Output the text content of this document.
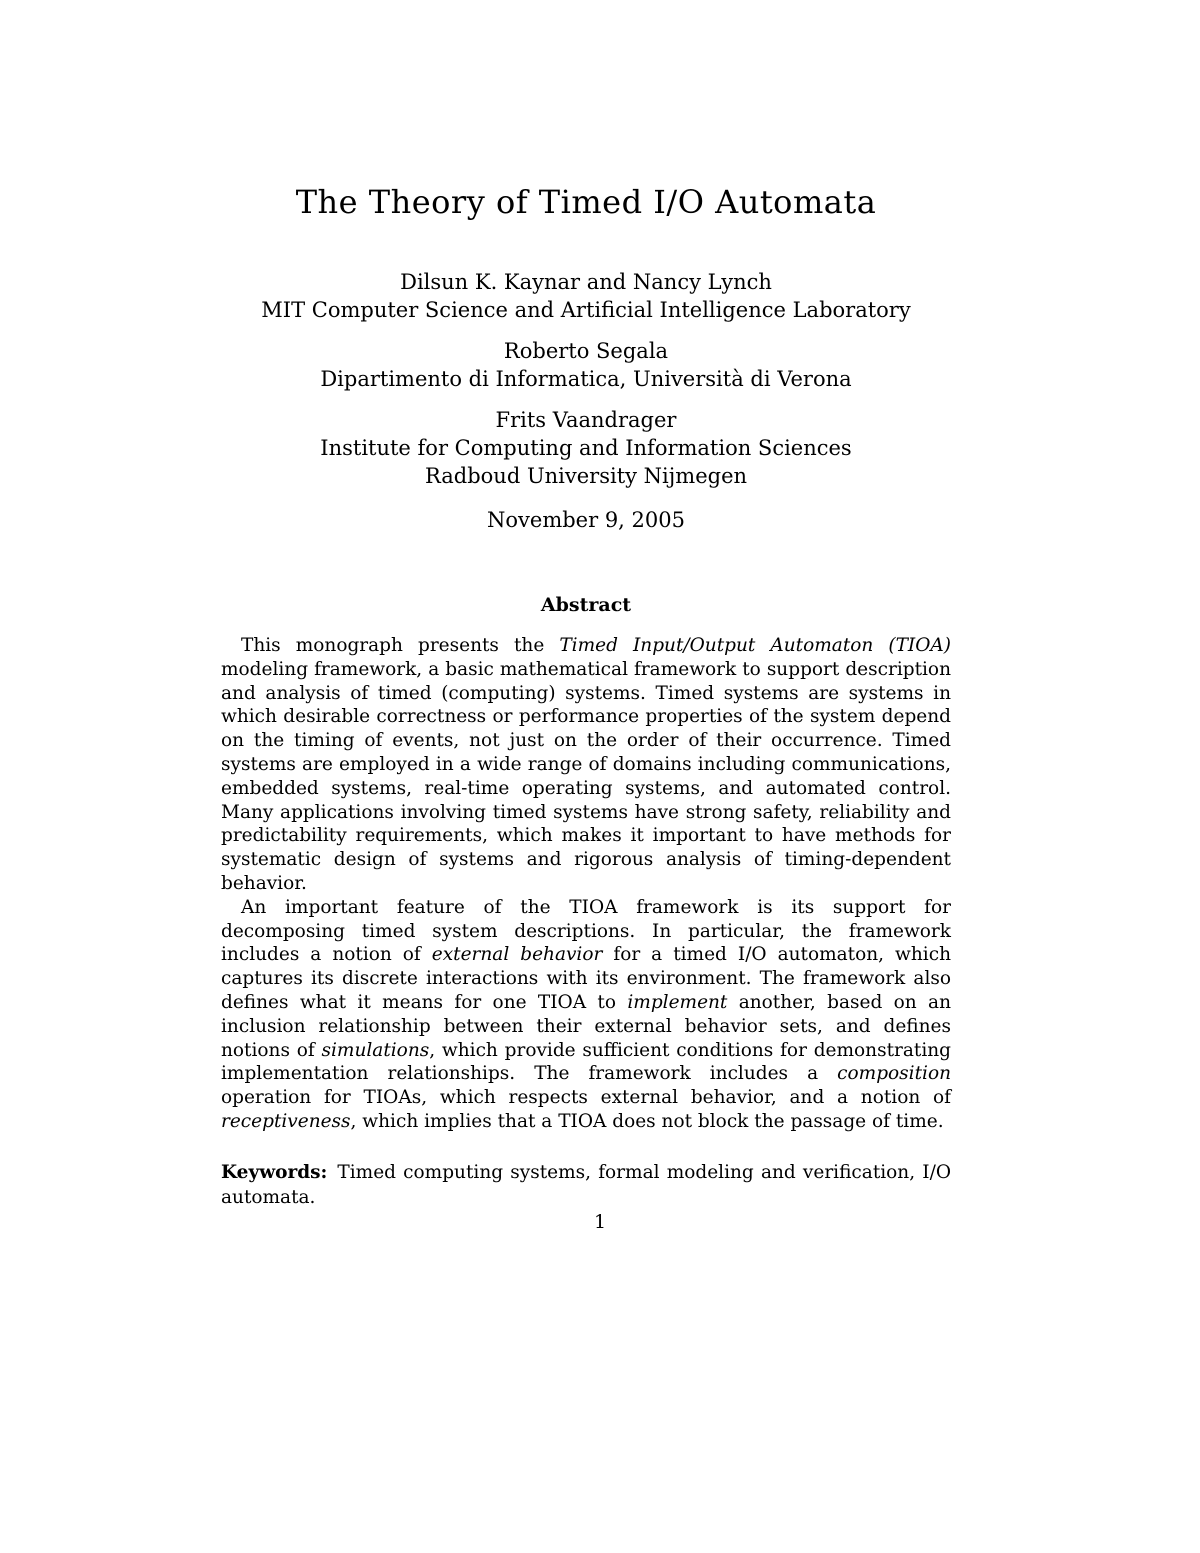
The Theory of Timed I/O Automata
Dilsun K. Kaynar and Nancy Lynch
MIT Computer Science and Artificial Intelligence Laboratory
Roberto Segala
Dipartimento di Informatica, Università di Verona
Frits Vaandrager
Institute for Computing and Information Sciences
Radboud University Nijmegen
November 9, 2005
Abstract

This monograph presents the Timed Input/Output Automaton (TIOA) modeling framework, a basic mathematical framework to support description and analysis of timed (computing) systems. Timed systems are systems in which desirable correctness or performance properties of the system depend on the timing of events, not just on the order of their occurrence. Timed systems are employed in a wide range of domains including communications, embedded systems, real-time operating systems, and automated control. Many applications involving timed systems have strong safety, reliability and predictability requirements, which makes it important to have methods for systematic design of systems and rigorous analysis of timing-dependent behavior.

An important feature of the TIOA framework is its support for decomposing timed system descriptions. In particular, the framework includes a notion of external behavior for a timed I/O automaton, which captures its discrete interactions with its environment. The framework also defines what it means for one TIOA to implement another, based on an inclusion relationship between their external behavior sets, and defines notions of simulations, which provide sufficient conditions for demonstrating implementation relationships. The framework includes a composition operation for TIOAs, which respects external behavior, and a notion of receptiveness, which implies that a TIOA does not block the passage of time.

Keywords: Timed computing systems, formal modeling and verification, I/O automata.

1
